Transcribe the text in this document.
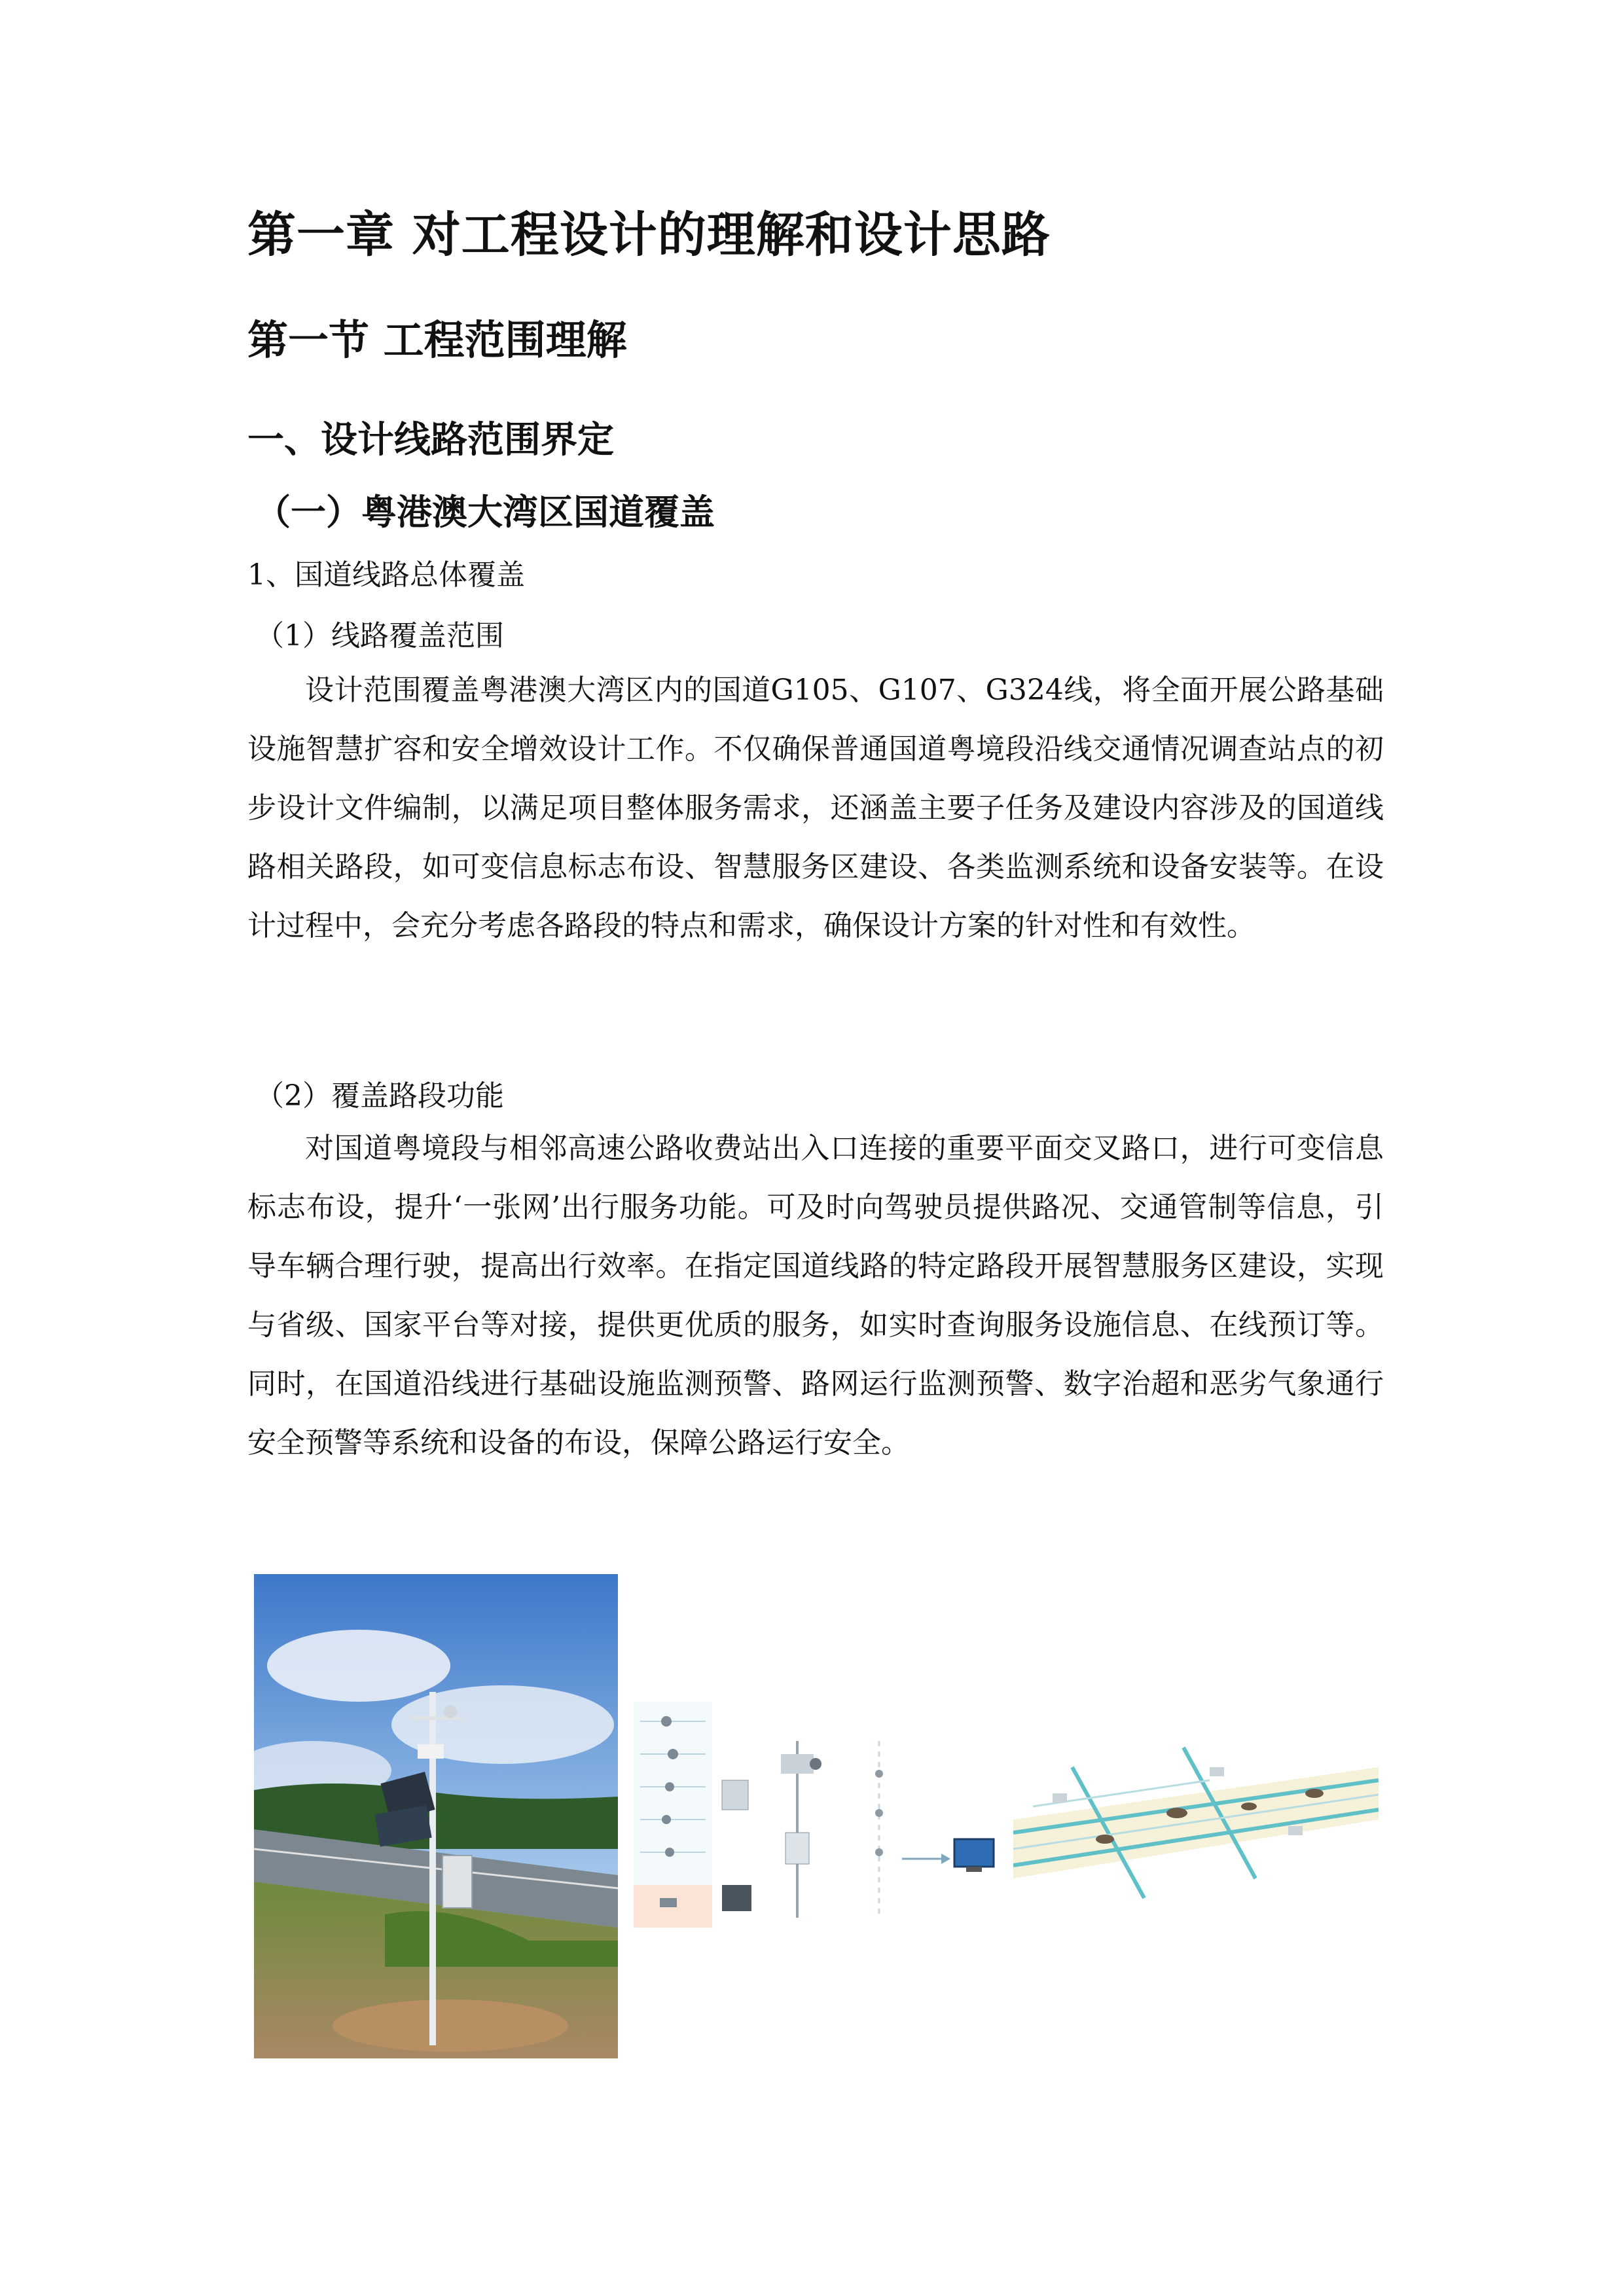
第一章 对工程设计的理解和设计思路
第一节 工程范围理解
一、设计线路范围界定
（一）粤港澳大湾区国道覆盖
1、国道线路总体覆盖
（1）线路覆盖范围

设计范围覆盖粤港澳大湾区内的国道G105、G107、G324线，将全面开展公路基础设施智慧扩容和安全增效设计工作。不仅确保普通国道粤境段沿线交通情况调查站点的初步设计文件编制，以满足项目整体服务需求，还涵盖主要子任务及建设内容涉及的国道线路相关路段，如可变信息标志布设、智慧服务区建设、各类监测系统和设备安装等。在设计过程中，会充分考虑各路段的特点和需求，确保设计方案的针对性和有效性。

（2）覆盖路段功能

对国道粤境段与相邻高速公路收费站出入口连接的重要平面交叉路口，进行可变信息标志布设，提升‘一张网’出行服务功能。可及时向驾驶员提供路况、交通管制等信息，引导车辆合理行驶，提高出行效率。在指定国道线路的特定路段开展智慧服务区建设，实现与省级、国家平台等对接，提供更优质的服务，如实时查询服务设施信息、在线预订等。同时，在国道沿线进行基础设施监测预警、路网运行监测预警、数字治超和恶劣气象通行安全预警等系统和设备的布设，保障公路运行安全。
